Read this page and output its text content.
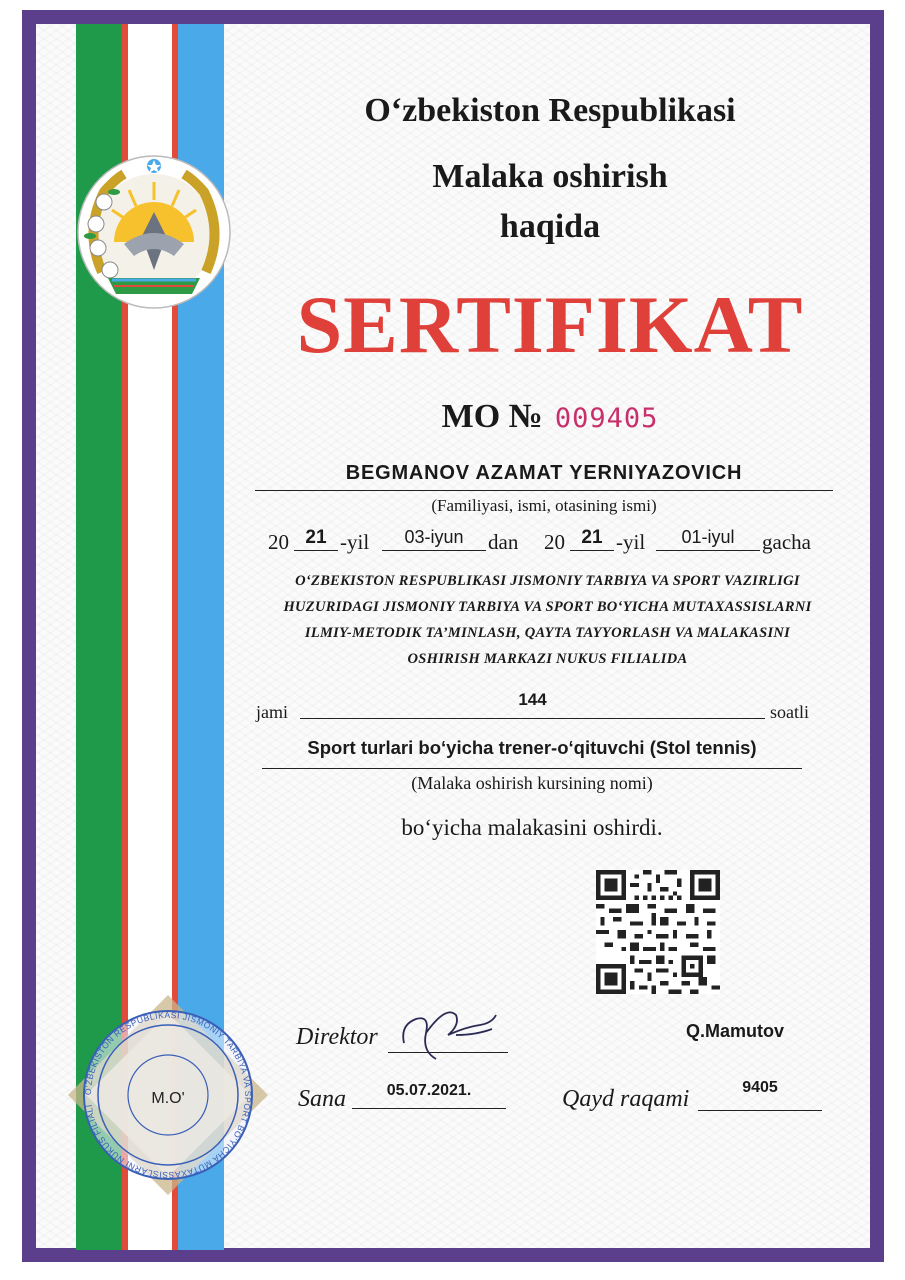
O‘zbekiston Respublikasi
Malaka oshirish
haqida
SERTIFIKAT
MO № 009405
BEGMANOV AZAMAT YERNIYAZOVICH
(Familiyasi, ismi, otasining ismi)
20 21 -yil	03-iyun	dan 20 21 -yil	01-iyul	gacha
O‘ZBEKISTON RESPUBLIKASI JISMONIY TARBIYA VA SPORT VAZIRLIGI
HUZURIDAGI JISMONIY TARBIYA VA SPORT BO‘YICHA MUTAXASSISLARNI
ILMIY-METODIK TA’MINLASH, QAYTA TAYYORLASH VA MALAKASINI
OSHIRISH MARKAZI NUKUS FILIALIDA
jami
144
soatli
Sport turlari bo‘yicha trener-o‘qituvchi (Stol tennis)
(Malaka oshirish kursining nomi)
bo‘yicha malakasini oshirdi.
O‘ZBEKISTON RESPUBLIKASI JISMONIY TARBIYA VA SPORT BO‘YICHA MUTAXASSISLARNI NUKUS FILIALI	M.O'
Direktor	Q.Mamutov
Sana	05.07.2021.	Qayd raqami	9405
